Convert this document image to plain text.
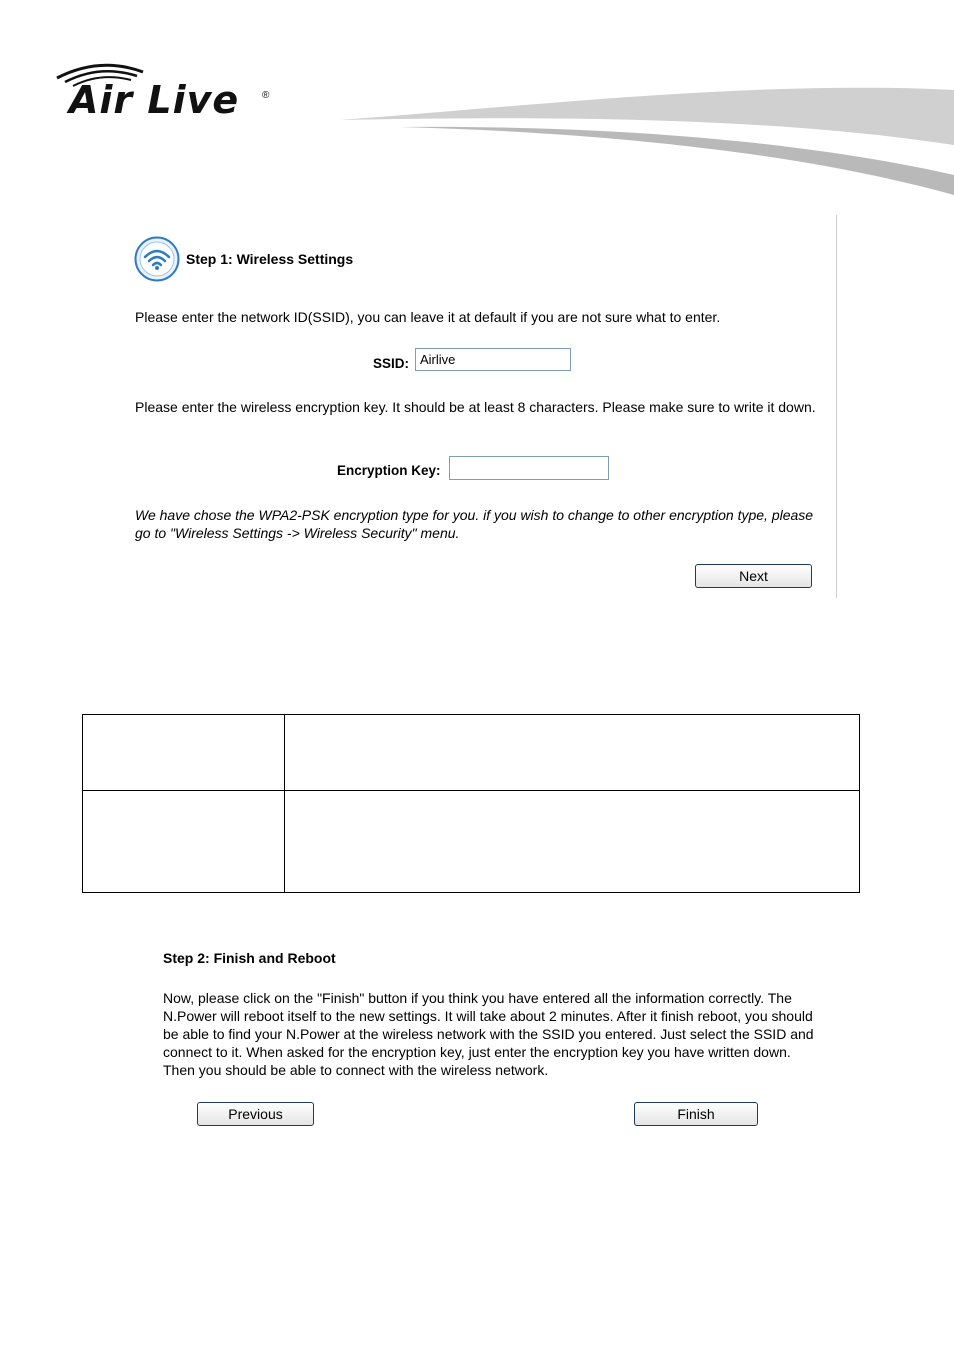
Air Live ®
Step 1: Wireless Settings
Please enter the network ID(SSID), you can leave it at default if you are not sure what to enter.
SSID:
Airlive
Please enter the wireless encryption key. It should be at least 8 characters. Please make sure to write it down.
Encryption Key:
We have chose the WPA2-PSK encryption type for you. if you wish to change to other encryption type, please go to "Wireless Settings -> Wireless Security" menu.
Next

Step 2: Finish and Reboot
Now, please click on the "Finish" button if you think you have entered all the information correctly. The N.Power will reboot itself to the new settings. It will take about 2 minutes. After it finish reboot, you should be able to find your N.Power at the wireless network with the SSID you entered. Just select the SSID and connect to it. When asked for the encryption key, just enter the encryption key you have written down. Then you should be able to connect with the wireless network.
Previous	Finish
